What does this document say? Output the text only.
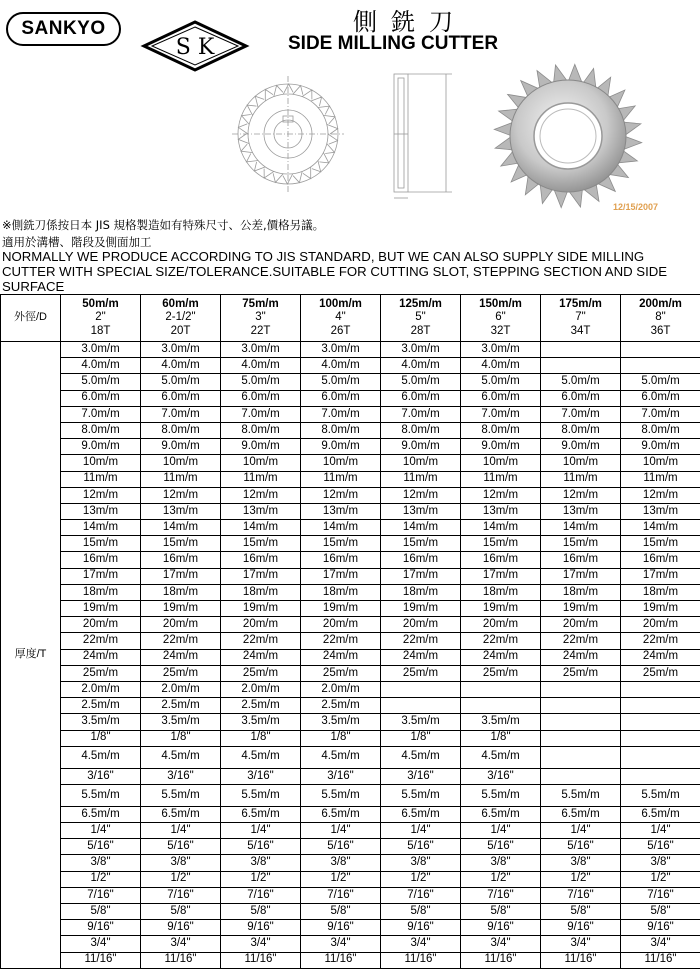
SANKYO
S K
側銑刀
SIDE MILLING CUTTER
12/15/2007
※側銑刀係按日本 JIS 規格製造如有特殊尺寸、公差,價格另議。
適用於溝槽、階段及側面加工
NORMALLY WE PRODUCE ACCORDING TO JIS STANDARD, BUT WE CAN ALSO SUPPLY SIDE MILLING CUTTER WITH SPECIAL SIZE/TOLERANCE.SUITABLE FOR CUTTING SLOT, STEPPING SECTION AND SIDE SURFACE
外徑/D	50m/m
2"
18T	60m/m
2-1/2"
20T	75m/m
3"
22T	100m/m
4"
26T	125m/m
5"
28T	150m/m
6"
32T	175m/m
7"
34T	200m/m
8"
36T

厚度/T	3.0m/m	3.0m/m	3.0m/m	3.0m/m	3.0m/m	3.0m/m		
	4.0m/m	4.0m/m	4.0m/m	4.0m/m	4.0m/m	4.0m/m		
	5.0m/m	5.0m/m	5.0m/m	5.0m/m	5.0m/m	5.0m/m	5.0m/m	5.0m/m
	6.0m/m	6.0m/m	6.0m/m	6.0m/m	6.0m/m	6.0m/m	6.0m/m	6.0m/m
	7.0m/m	7.0m/m	7.0m/m	7.0m/m	7.0m/m	7.0m/m	7.0m/m	7.0m/m
	8.0m/m	8.0m/m	8.0m/m	8.0m/m	8.0m/m	8.0m/m	8.0m/m	8.0m/m
	9.0m/m	9.0m/m	9.0m/m	9.0m/m	9.0m/m	9.0m/m	9.0m/m	9.0m/m
	10m/m	10m/m	10m/m	10m/m	10m/m	10m/m	10m/m	10m/m
	11m/m	11m/m	11m/m	11m/m	11m/m	11m/m	11m/m	11m/m
	12m/m	12m/m	12m/m	12m/m	12m/m	12m/m	12m/m	12m/m
	13m/m	13m/m	13m/m	13m/m	13m/m	13m/m	13m/m	13m/m
	14m/m	14m/m	14m/m	14m/m	14m/m	14m/m	14m/m	14m/m
	15m/m	15m/m	15m/m	15m/m	15m/m	15m/m	15m/m	15m/m
	16m/m	16m/m	16m/m	16m/m	16m/m	16m/m	16m/m	16m/m
	17m/m	17m/m	17m/m	17m/m	17m/m	17m/m	17m/m	17m/m
	18m/m	18m/m	18m/m	18m/m	18m/m	18m/m	18m/m	18m/m
	19m/m	19m/m	19m/m	19m/m	19m/m	19m/m	19m/m	19m/m
	20m/m	20m/m	20m/m	20m/m	20m/m	20m/m	20m/m	20m/m
	22m/m	22m/m	22m/m	22m/m	22m/m	22m/m	22m/m	22m/m
	24m/m	24m/m	24m/m	24m/m	24m/m	24m/m	24m/m	24m/m
	25m/m	25m/m	25m/m	25m/m	25m/m	25m/m	25m/m	25m/m
	2.0m/m	2.0m/m	2.0m/m	2.0m/m				
	2.5m/m	2.5m/m	2.5m/m	2.5m/m				
	3.5m/m	3.5m/m	3.5m/m	3.5m/m	3.5m/m	3.5m/m		
	1/8"	1/8"	1/8"	1/8"	1/8"	1/8"		
	4.5m/m	4.5m/m	4.5m/m	4.5m/m	4.5m/m	4.5m/m		
	3/16"	3/16"	3/16"	3/16"	3/16"	3/16"		
	5.5m/m	5.5m/m	5.5m/m	5.5m/m	5.5m/m	5.5m/m	5.5m/m	5.5m/m
	6.5m/m	6.5m/m	6.5m/m	6.5m/m	6.5m/m	6.5m/m	6.5m/m	6.5m/m
	1/4"	1/4"	1/4"	1/4"	1/4"	1/4"	1/4"	1/4"
	5/16"	5/16"	5/16"	5/16"	5/16"	5/16"	5/16"	5/16"
	3/8"	3/8"	3/8"	3/8"	3/8"	3/8"	3/8"	3/8"
	1/2"	1/2"	1/2"	1/2"	1/2"	1/2"	1/2"	1/2"
	7/16"	7/16"	7/16"	7/16"	7/16"	7/16"	7/16"	7/16"
	5/8"	5/8"	5/8"	5/8"	5/8"	5/8"	5/8"	5/8"
	9/16"	9/16"	9/16"	9/16"	9/16"	9/16"	9/16"	9/16"
	3/4"	3/4"	3/4"	3/4"	3/4"	3/4"	3/4"	3/4"
	11/16"	11/16"	11/16"	11/16"	11/16"	11/16"	11/16"	11/16"
